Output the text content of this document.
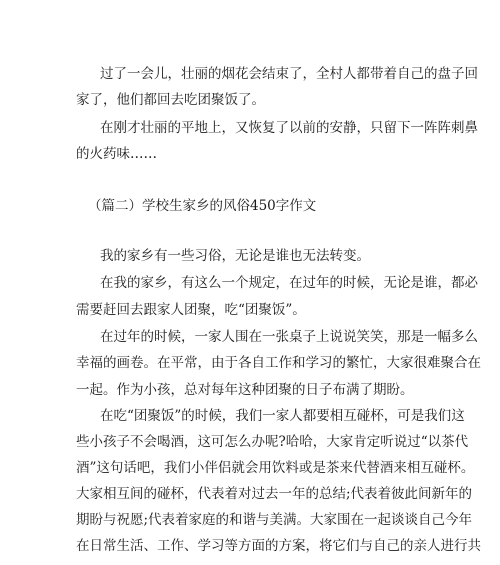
过了一会儿，壮丽的烟花会结束了，全村人都带着自己的盘子回
家了，他们都回去吃团聚饭了。
在刚才壮丽的平地上，又恢复了以前的安静，只留下一阵阵刺鼻
的火药味……
（篇二）学校生家乡的风俗450字作文
我的家乡有一些习俗，无论是谁也无法转变。
在我的家乡，有这么一个规定，在过年的时候，无论是谁，都必
需要赶回去跟家人团聚，吃“团聚饭”。
在过年的时候，一家人围在一张桌子上说说笑笑，那是一幅多么
幸福的画卷。在平常，由于各自工作和学习的繁忙，大家很难聚合在
一起。作为小孩，总对每年这种团聚的日子布满了期盼。
在吃“团聚饭”的时候，我们一家人都要相互碰杯，可是我们这
些小孩子不会喝酒，这可怎么办呢?哈哈，大家肯定听说过“以茶代
酒”这句话吧，我们小伴侣就会用饮料或是茶来代替酒来相互碰杯。
大家相互间的碰杯，代表着对过去一年的总结;代表着彼此间新年的
期盼与祝愿;代表着家庭的和谐与美满。大家围在一起谈谈自己今年
在日常生活、工作、学习等方面的方案，将它们与自己的亲人进行共
